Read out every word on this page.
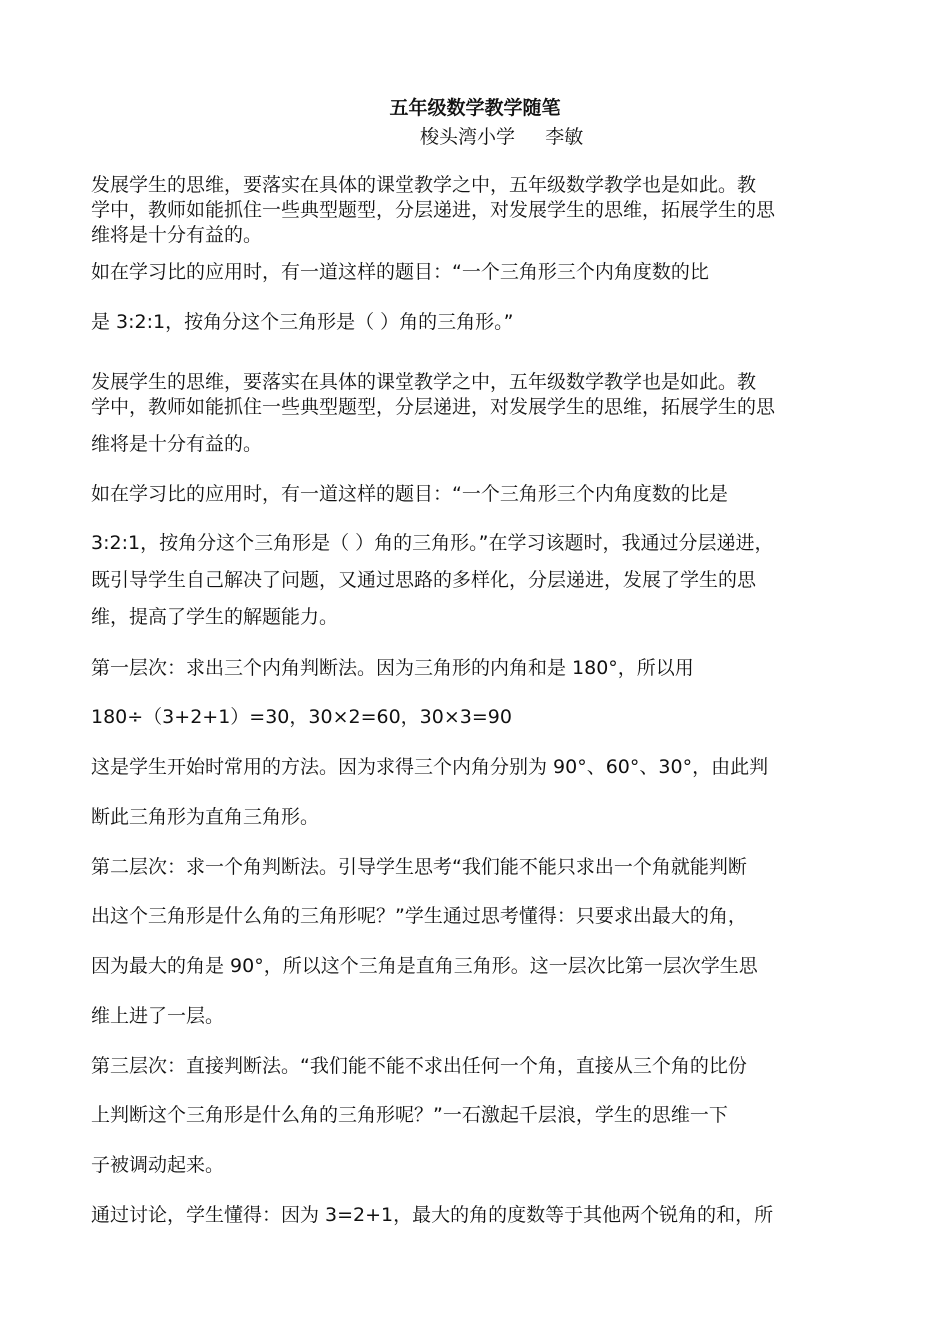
五年级数学教学随笔
梭头湾小学     李敏
发展学生的思维，要落实在具体的课堂教学之中，五年级数学教学也是如此。教
学中，教师如能抓住一些典型题型，分层递进，对发展学生的思维，拓展学生的思
维将是十分有益的。
如在学习比的应用时，有一道这样的题目：“一个三角形三个内角度数的比
是 3:2:1，按角分这个三角形是（ ）角的三角形。”
发展学生的思维，要落实在具体的课堂教学之中，五年级数学教学也是如此。教
学中，教师如能抓住一些典型题型，分层递进，对发展学生的思维，拓展学生的思
维将是十分有益的。
如在学习比的应用时，有一道这样的题目：“一个三角形三个内角度数的比是
3:2:1，按角分这个三角形是（ ）角的三角形。”在学习该题时，我通过分层递进，
既引导学生自己解决了问题，又通过思路的多样化，分层递进，发展了学生的思
维，提高了学生的解题能力。
第一层次：求出三个内角判断法。因为三角形的内角和是 180°，所以用
180÷（3+2+1）=30，30×2=60，30×3=90
这是学生开始时常用的方法。因为求得三个内角分别为 90°、60°、30°，由此判
断此三角形为直角三角形。
第二层次：求一个角判断法。引导学生思考“我们能不能只求出一个角就能判断
出这个三角形是什么角的三角形呢？”学生通过思考懂得：只要求出最大的角，
因为最大的角是 90°，所以这个三角是直角三角形。这一层次比第一层次学生思
维上进了一层。
第三层次：直接判断法。“我们能不能不求出任何一个角，直接从三个角的比份
上判断这个三角形是什么角的三角形呢？”一石激起千层浪，学生的思维一下
子被调动起来。
通过讨论，学生懂得：因为 3=2+1，最大的角的度数等于其他两个锐角的和，所
